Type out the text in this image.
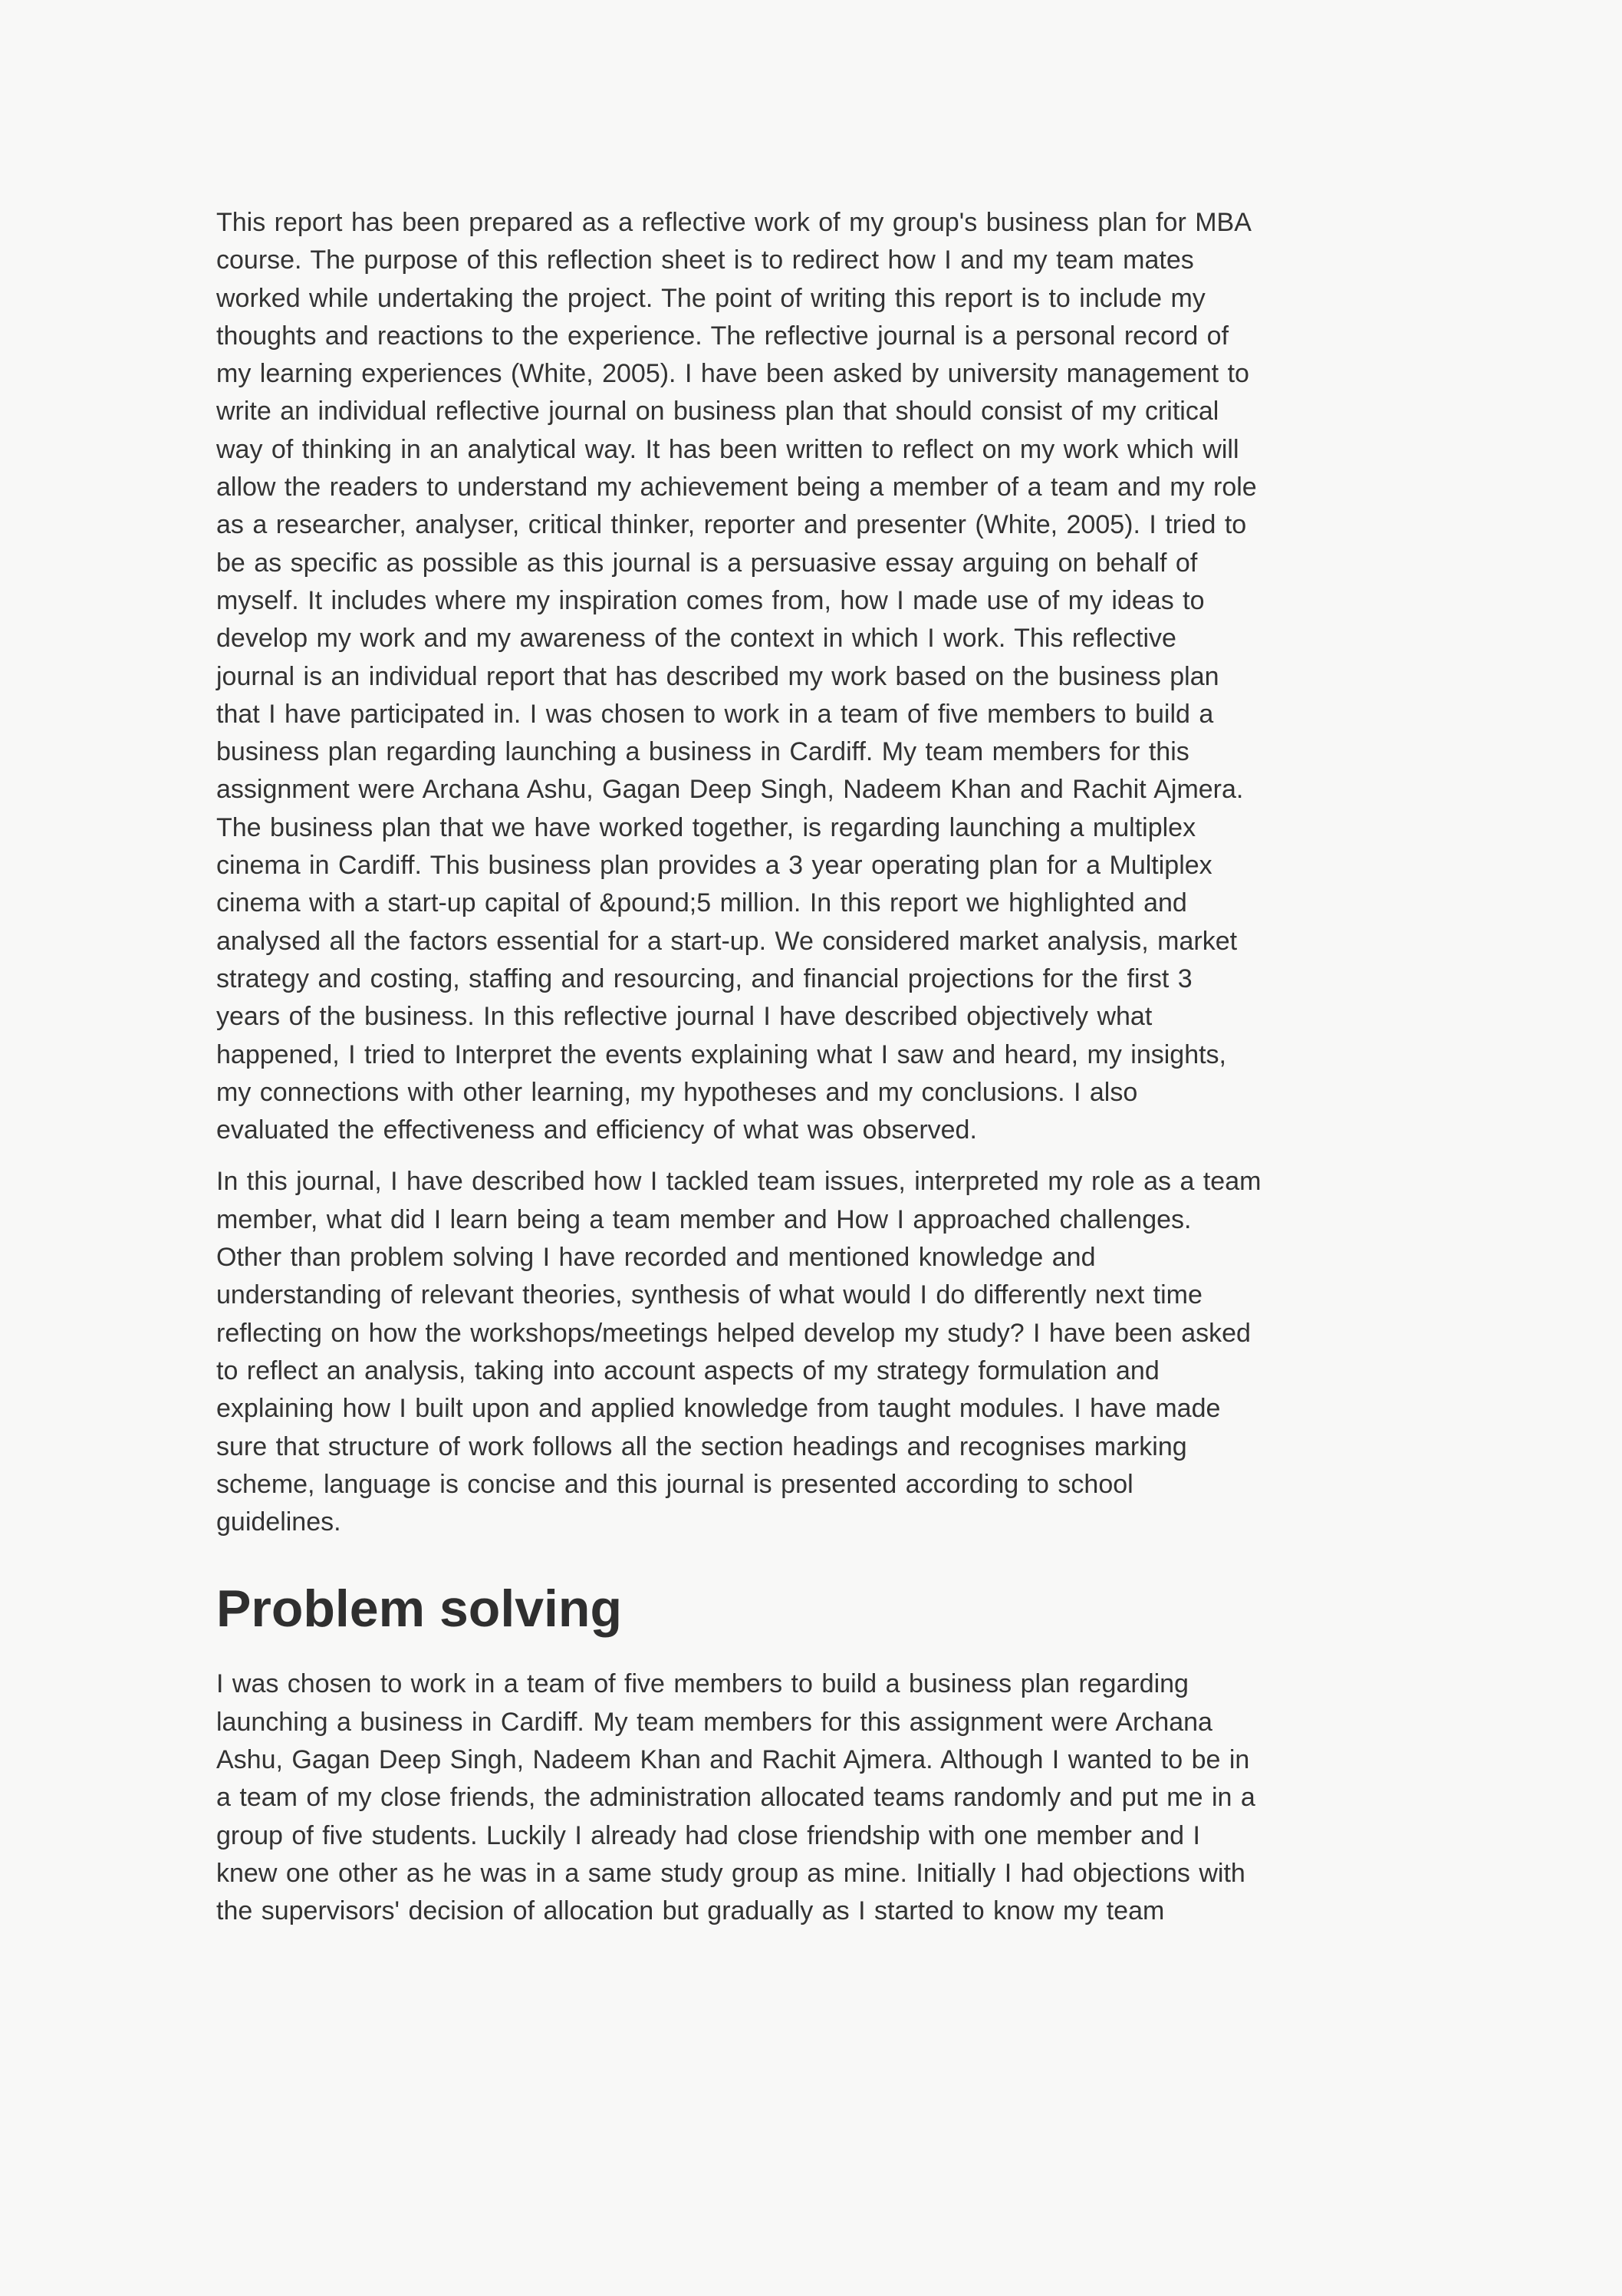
This report has been prepared as a reflective work of my group's business plan for MBA
course. The purpose of this reflection sheet is to redirect how I and my team mates
worked while undertaking the project. The point of writing this report is to include my
thoughts and reactions to the experience. The reflective journal is a personal record of
my learning experiences (White, 2005). I have been asked by university management to
write an individual reflective journal on business plan that should consist of my critical
way of thinking in an analytical way. It has been written to reflect on my work which will
allow the readers to understand my achievement being a member of a team and my role
as a researcher, analyser, critical thinker, reporter and presenter (White, 2005). I tried to
be as specific as possible as this journal is a persuasive essay arguing on behalf of
myself. It includes where my inspiration comes from, how I made use of my ideas to
develop my work and my awareness of the context in which I work. This reflective
journal is an individual report that has described my work based on the business plan
that I have participated in. I was chosen to work in a team of five members to build a
business plan regarding launching a business in Cardiff. My team members for this
assignment were Archana Ashu, Gagan Deep Singh, Nadeem Khan and Rachit Ajmera.
The business plan that we have worked together, is regarding launching a multiplex
cinema in Cardiff. This business plan provides a 3 year operating plan for a Multiplex
cinema with a start-up capital of &pound;5 million. In this report we highlighted and
analysed all the factors essential for a start-up. We considered market analysis, market
strategy and costing, staffing and resourcing, and financial projections for the first 3
years of the business. In this reflective journal I have described objectively what
happened, I tried to Interpret the events explaining what I saw and heard, my insights,
my connections with other learning, my hypotheses and my conclusions. I also
evaluated the effectiveness and efficiency of what was observed.

In this journal, I have described how I tackled team issues, interpreted my role as a team
member, what did I learn being a team member and How I approached challenges.
Other than problem solving I have recorded and mentioned knowledge and
understanding of relevant theories, synthesis of what would I do differently next time
reflecting on how the workshops/meetings helped develop my study? I have been asked
to reflect an analysis, taking into account aspects of my strategy formulation and
explaining how I built upon and applied knowledge from taught modules. I have made
sure that structure of work follows all the section headings and recognises marking
scheme, language is concise and this journal is presented according to school
guidelines.

Problem solving

I was chosen to work in a team of five members to build a business plan regarding
launching a business in Cardiff. My team members for this assignment were Archana
Ashu, Gagan Deep Singh, Nadeem Khan and Rachit Ajmera. Although I wanted to be in
a team of my close friends, the administration allocated teams randomly and put me in a
group of five students. Luckily I already had close friendship with one member and I
knew one other as he was in a same study group as mine. Initially I had objections with
the supervisors' decision of allocation but gradually as I started to know my team
